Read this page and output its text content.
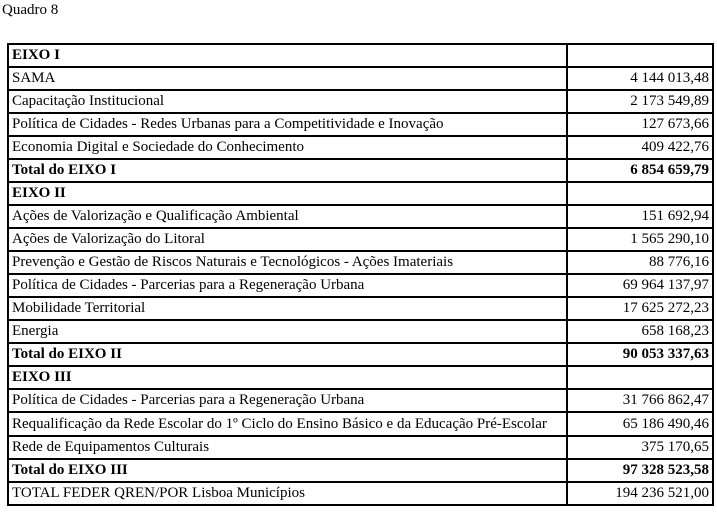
Quadro 8
EIXO I	
SAMA	4 144 013,48
Capacitação Institucional	2 173 549,89
Política de Cidades - Redes Urbanas para a Competitividade e Inovação	127 673,66
Economia Digital e Sociedade do Conhecimento	409 422,76
Total do EIXO I	6 854 659,79
EIXO II	
Ações de Valorização e Qualificação Ambiental	151 692,94
Ações de Valorização do Litoral	1 565 290,10
Prevenção e Gestão de Riscos Naturais e Tecnológicos - Ações Imateriais	88 776,16
Política de Cidades - Parcerias para a Regeneração Urbana	69 964 137,97
Mobilidade Territorial	17 625 272,23
Energia	658 168,23
Total do EIXO II	90 053 337,63
EIXO III	
Política de Cidades - Parcerias para a Regeneração Urbana	31 766 862,47
Requalificação da Rede Escolar do 1º Ciclo do Ensino Básico e da Educação Pré-Escolar	65 186 490,46
Rede de Equipamentos Culturais	375 170,65
Total do EIXO III	97 328 523,58
TOTAL FEDER QREN/POR Lisboa Municípios	194 236 521,00
